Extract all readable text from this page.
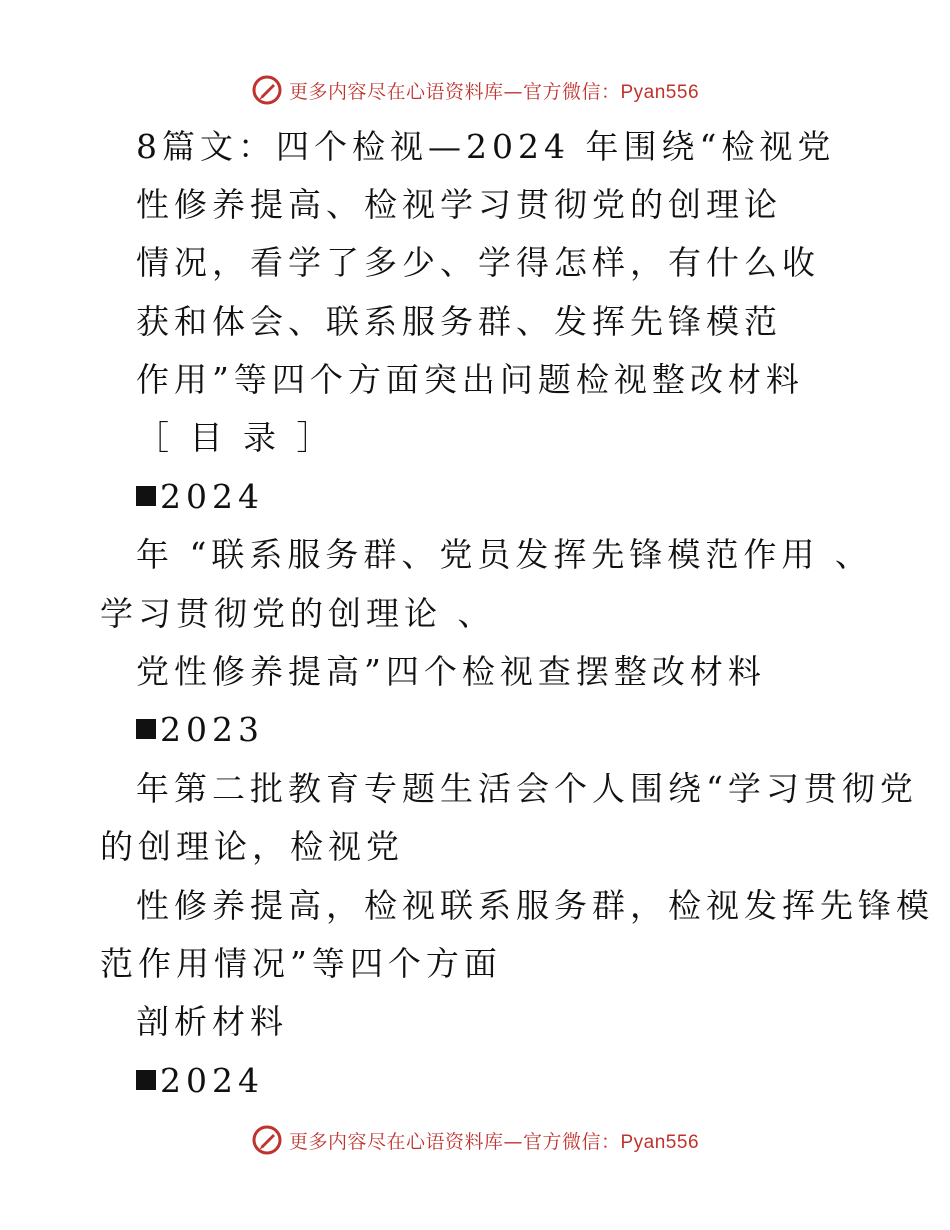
更多内容尽在心语资料库—官方微信：Pyan556
8篇文：四个检视—2024 年围绕“检视党
性修养提高、检视学习贯彻党的创理论
情况，看学了多少、学得怎样，有什么收
获和体会、联系服务群、发挥先锋模范
作用”等四个方面突出问题检视整改材料
［ 目 录 ］
2024
年 “联系服务群、党员发挥先锋模范作用 、
学习贯彻党的创理论 、
党性修养提高”四个检视查摆整改材料
2023
年第二批教育专题生活会个人围绕“学习贯彻党
的创理论，检视党
性修养提高，检视联系服务群，检视发挥先锋模
范作用情况”等四个方面
剖析材料
2024
更多内容尽在心语资料库—官方微信：Pyan556
